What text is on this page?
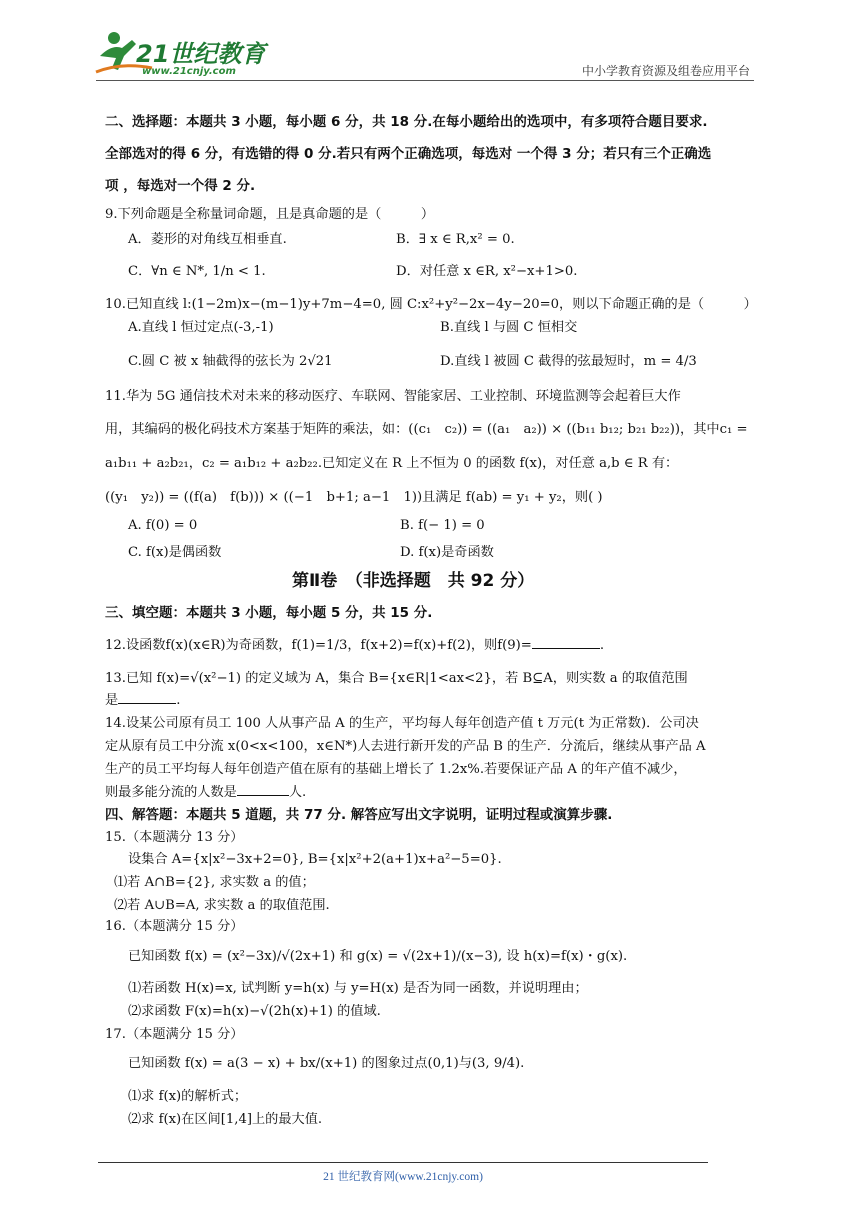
21世纪教育
www.21cnjy.com	中小学教育资源及组卷应用平台
二、选择题：本题共 3 小题，每小题 6 分，共 18 分.在每小题给出的选项中，有多项符合题目要求.
全部选对的得 6 分，有选错的得 0 分.若只有两个正确选项，每选对 一个得 3 分；若只有三个正确选
项 ，每选对一个得 2 分.
9.下列命题是全称量词命题，且是真命题的是（　　　）
A．菱形的对角线互相垂直.	B．∃ x ∈ R,x² = 0.
C．∀n ∈ N*, 1/n < 1.	D．对任意 x ∈R, x²−x+1>0.
10.已知直线 l:(1−2m)x−(m−1)y+7m−4=0, 圆 C:x²+y²−2x−4y−20=0，则以下命题正确的是（　　　）
A.直线 l 恒过定点(-3,-1)	B.直线 l 与圆 C 恒相交
C.圆 C 被 x 轴截得的弦长为 2√21	D.直线 l 被圆 C 截得的弦最短时，m = 4/3
11.华为 5G 通信技术对未来的移动医疗、车联网、智能家居、工业控制、环境监测等会起着巨大作
用，其编码的极化码技术方案基于矩阵的乘法，如：((c₁　c₂)) = ((a₁　a₂)) × ((b₁₁ b₁₂; b₂₁ b₂₂))，其中c₁ =
a₁b₁₁ + a₂b₂₁，c₂ = a₁b₁₂ + a₂b₂₂.已知定义在 R 上不恒为 0 的函数 f(x)，对任意 a,b ∈ R 有：
((y₁　y₂)) = ((f(a)　f(b))) × ((−1　b+1; a−1　1))且满足 f(ab) = y₁ + y₂，则( )
A. f(0) = 0	B. f(− 1) = 0
C. f(x)是偶函数	D. f(x)是奇函数
第Ⅱ卷　（非选择题　共 92 分）
三、填空题：本题共 3 小题，每小题 5 分，共 15 分.
12.设函数f(x)(x∈R)为奇函数，f(1)=1/3，f(x+2)=f(x)+f(2)，则f(9)=	.
13.已知 f(x)=√(x²−1) 的定义域为 A，集合 B={x∈R|1<ax<2}，若 B⊆A，则实数 a 的取值范围
是	.
14.设某公司原有员工 100 人从事产品 A 的生产，平均每人每年创造产值 t 万元(t 为正常数)．公司决
定从原有员工中分流 x(0<x<100，x∈N*)人去进行新开发的产品 B 的生产．分流后，继续从事产品 A
生产的员工平均每人每年创造产值在原有的基础上增长了 1.2x%.若要保证产品 A 的年产值不减少，
则最多能分流的人数是	人.
四、解答题：本题共 5 道题，共 77 分. 解答应写出文字说明，证明过程或演算步骤.
15.（本题满分 13 分）
设集合 A={x|x²−3x+2=0}, B={x|x²+2(a+1)x+a²−5=0}.
⑴若 A∩B={2}, 求实数 a 的值；
⑵若 A∪B=A, 求实数 a 的取值范围.
16.（本题满分 15 分）
已知函数 f(x) = (x²−3x)/√(2x+1) 和 g(x) = √(2x+1)/(x−3), 设 h(x)=f(x)・g(x).
⑴若函数 H(x)=x, 试判断 y=h(x) 与 y=H(x) 是否为同一函数，并说明理由；
⑵求函数 F(x)=h(x)−√(2h(x)+1) 的值域.
17.（本题满分 15 分）
已知函数 f(x) = a(3 − x) + bx/(x+1) 的图象过点(0,1)与(3, 9/4).
⑴求 f(x)的解析式；
⑵求 f(x)在区间[1,4]上的最大值.
21 世纪教育网(www.21cnjy.com)
